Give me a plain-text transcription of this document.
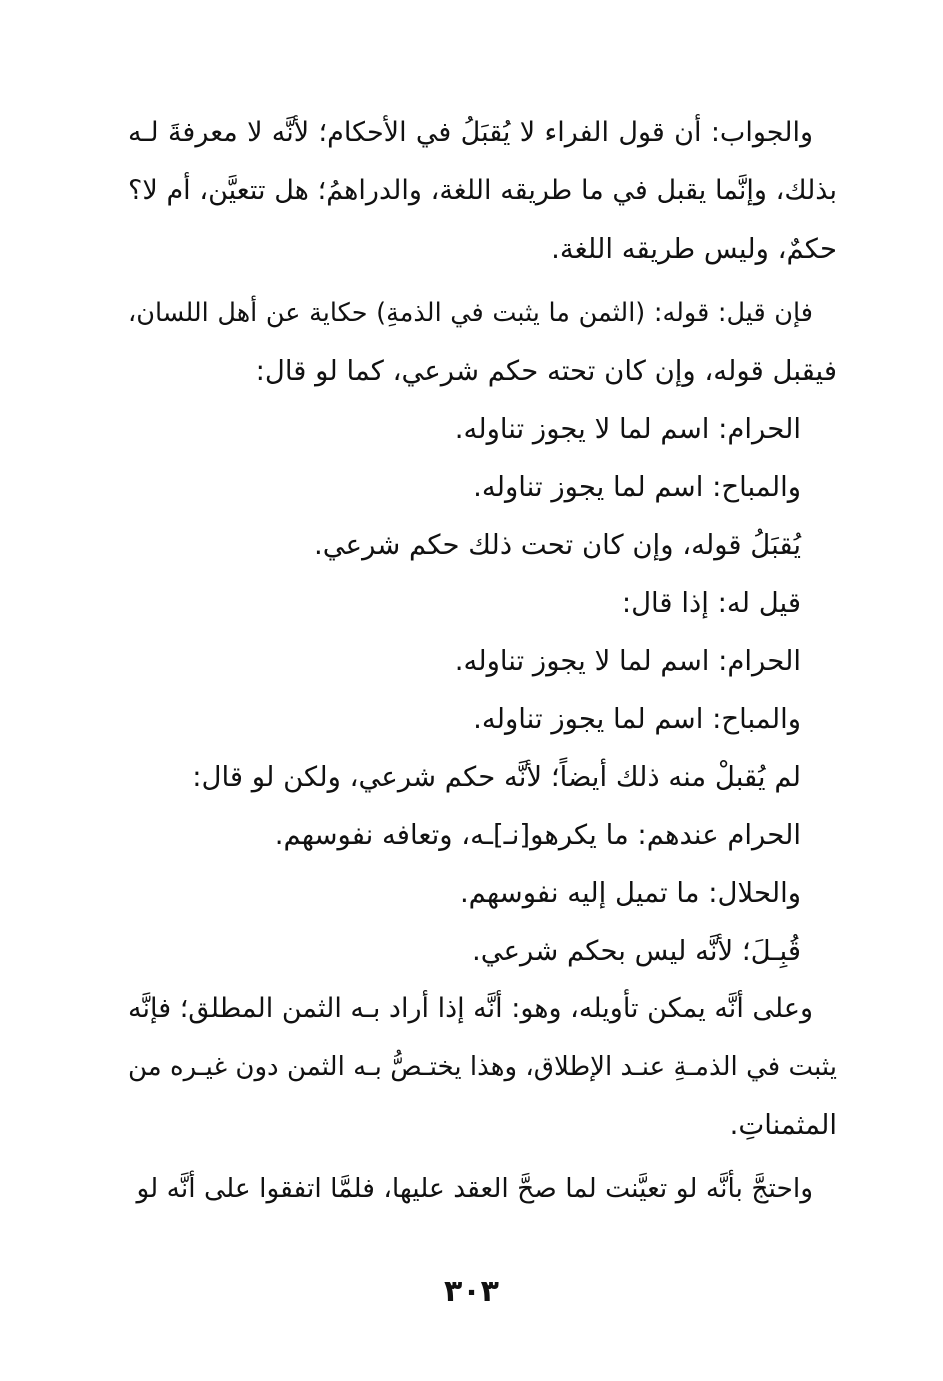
والجواب: أن قول الفراء لا يُقبَلُ في الأحكام؛ لأنَّه لا معرفةَ لـه
بذلك، وإنَّما يقبل في ما طريقه اللغة، والدراهمُ؛ هل تتعيَّن، أم لا؟
حكمٌ، وليس طريقه اللغة.
فإن قيل: قوله: (الثمن ما يثبت في الذمةِ) حكاية عن أهل اللسان،
فيقبل قوله، وإن كان تحته حكم شرعي، كما لو قال:
الحرام: اسم لما لا يجوز تناوله.
والمباح: اسم لما يجوز تناوله.
يُقبَلُ قوله، وإن كان تحت ذلك حكم شرعي.
قيل له: إذا قال:
الحرام: اسم لما لا يجوز تناوله.
والمباح: اسم لما يجوز تناوله.
لم يُقبلْ منه ذلك أيضاً؛ لأنَّه حكم شرعي، ولكن لو قال:
الحرام عندهم: ما يكرهو[نـ]ـه، وتعافه نفوسهم.
والحلال: ما تميل إليه نفوسهم.
قُبِـلَ؛ لأنَّه ليس بحكم شرعي.
وعلى أنَّه يمكن تأويله، وهو: أنَّه إذا أراد بـه الثمن المطلق؛ فإنَّه
يثبت في الذمـةِ عنـد الإطلاق، وهذا يختـصُّ بـه الثمن دون غيـره من
المثمناتِ.
واحتجَّ بأنَّه لو تعيَّنت لما صحَّ العقد عليها، فلمَّا اتفقوا على أنَّه لو
٣٠٣
